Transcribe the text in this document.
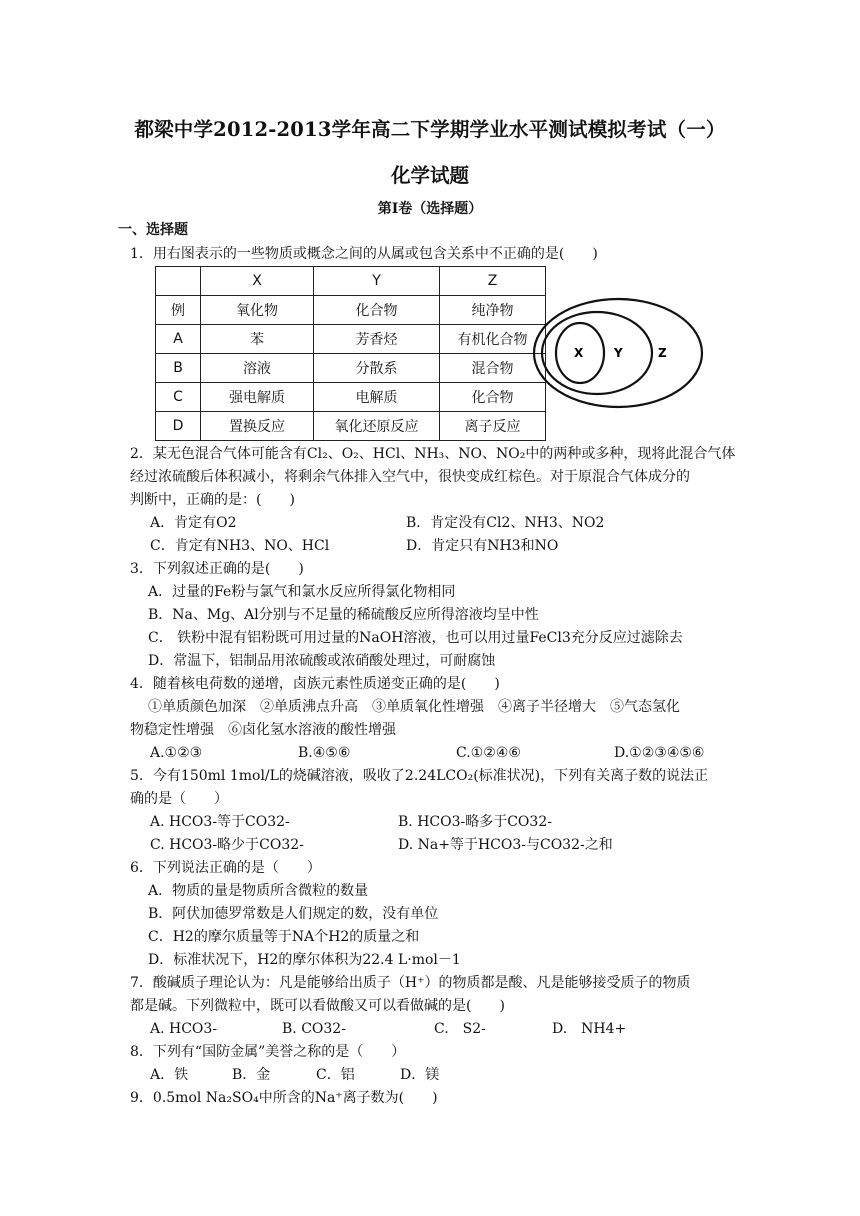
都梁中学2012-2013学年高二下学期学业水平测试模拟考试（一）
化学试题
第Ⅰ卷（选择题）
一、选择题
1．用右图表示的一些物质或概念之间的从属或包含关系中不正确的是(　　)
	X	Y	Z
例	氧化物	化合物	纯净物
A	苯	芳香烃	有机化合物
B	溶液	分散系	混合物
C	强电解质	电解质	化合物
D	置换反应	氧化还原反应	离子反应
X	Y	Z
2．某无色混合气体可能含有Cl₂、O₂、HCl、NH₃、NO、NO₂中的两种或多种，现将此混合气体
经过浓硫酸后体积减小，将剩余气体排入空气中，很快变成红棕色。对于原混合气体成分的
判断中，正确的是：(　　)
A．肯定有O2	B．肯定没有Cl2、NH3、NO2
C．肯定有NH3、NO、HCl	D．肯定只有NH3和NO
3．下列叙述正确的是(　　)
A．过量的Fe粉与氯气和氯水反应所得氯化物相同
B．Na、Mg、Al分别与不足量的稀硫酸反应所得溶液均呈中性
C． 铁粉中混有铝粉既可用过量的NaOH溶液，也可以用过量FeCl3充分反应过滤除去
D．常温下，铝制品用浓硫酸或浓硝酸处理过，可耐腐蚀
4．随着核电荷数的递增，卤族元素性质递变正确的是(　　)
①单质颜色加深　②单质沸点升高　③单质氧化性增强　④离子半径增大　⑤气态氢化
物稳定性增强　⑥卤化氢水溶液的酸性增强
A.①②③	B.④⑤⑥	C.①②④⑥	D.①②③④⑤⑥
5．今有150ml 1mol/L的烧碱溶液，吸收了2.24LCO₂(标准状况)，下列有关离子数的说法正
确的是（　　）
A. HCO3-等于CO32-	B. HCO3-略多于CO32-
C. HCO3-略少于CO32-	D. Na+等于HCO3-与CO32-之和
6．下列说法正确的是（　　）
A．物质的量是物质所含微粒的数量
B．阿伏加德罗常数是人们规定的数，没有单位
C．H2的摩尔质量等于NA个H2的质量之和
D．标准状况下，H2的摩尔体积为22.4 L·mol－1
7．酸碱质子理论认为：凡是能够给出质子（H⁺）的物质都是酸、凡是能够接受质子的物质
都是碱。下列微粒中，既可以看做酸又可以看做碱的是(　　)
A. HCO3-	B. CO32-	C.　S2-	D.　NH4+
8．下列有“国防金属”美誉之称的是（　　）
A．铁	B．金	C．铝	D．镁
9．0.5mol Na₂SO₄中所含的Na⁺离子数为(　　)
